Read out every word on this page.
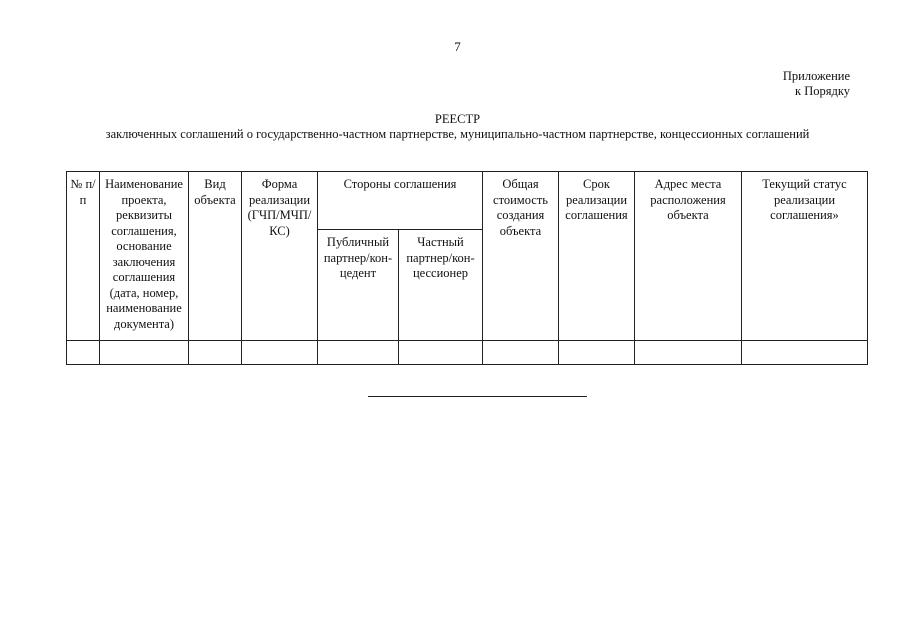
7
Приложение
к Порядку
РЕЕСТР
заключенных соглашений о государственно-частном партнерстве, муниципально-частном партнерстве, концессионных соглашений
№ п/п	Наименование проекта, реквизиты соглашения, основание заключения соглашения (дата, номер, наименование документа)	Вид объекта	Форма реализации (ГЧП/МЧП/ КС)	Стороны соглашения		Общая стоимость создания объекта	Срок реализации соглашения	Адрес места расположения объекта	Текущий статус реализации соглашения»
				Публичный партнер/кон-цедент	Частный партнер/кон-цессионер				
